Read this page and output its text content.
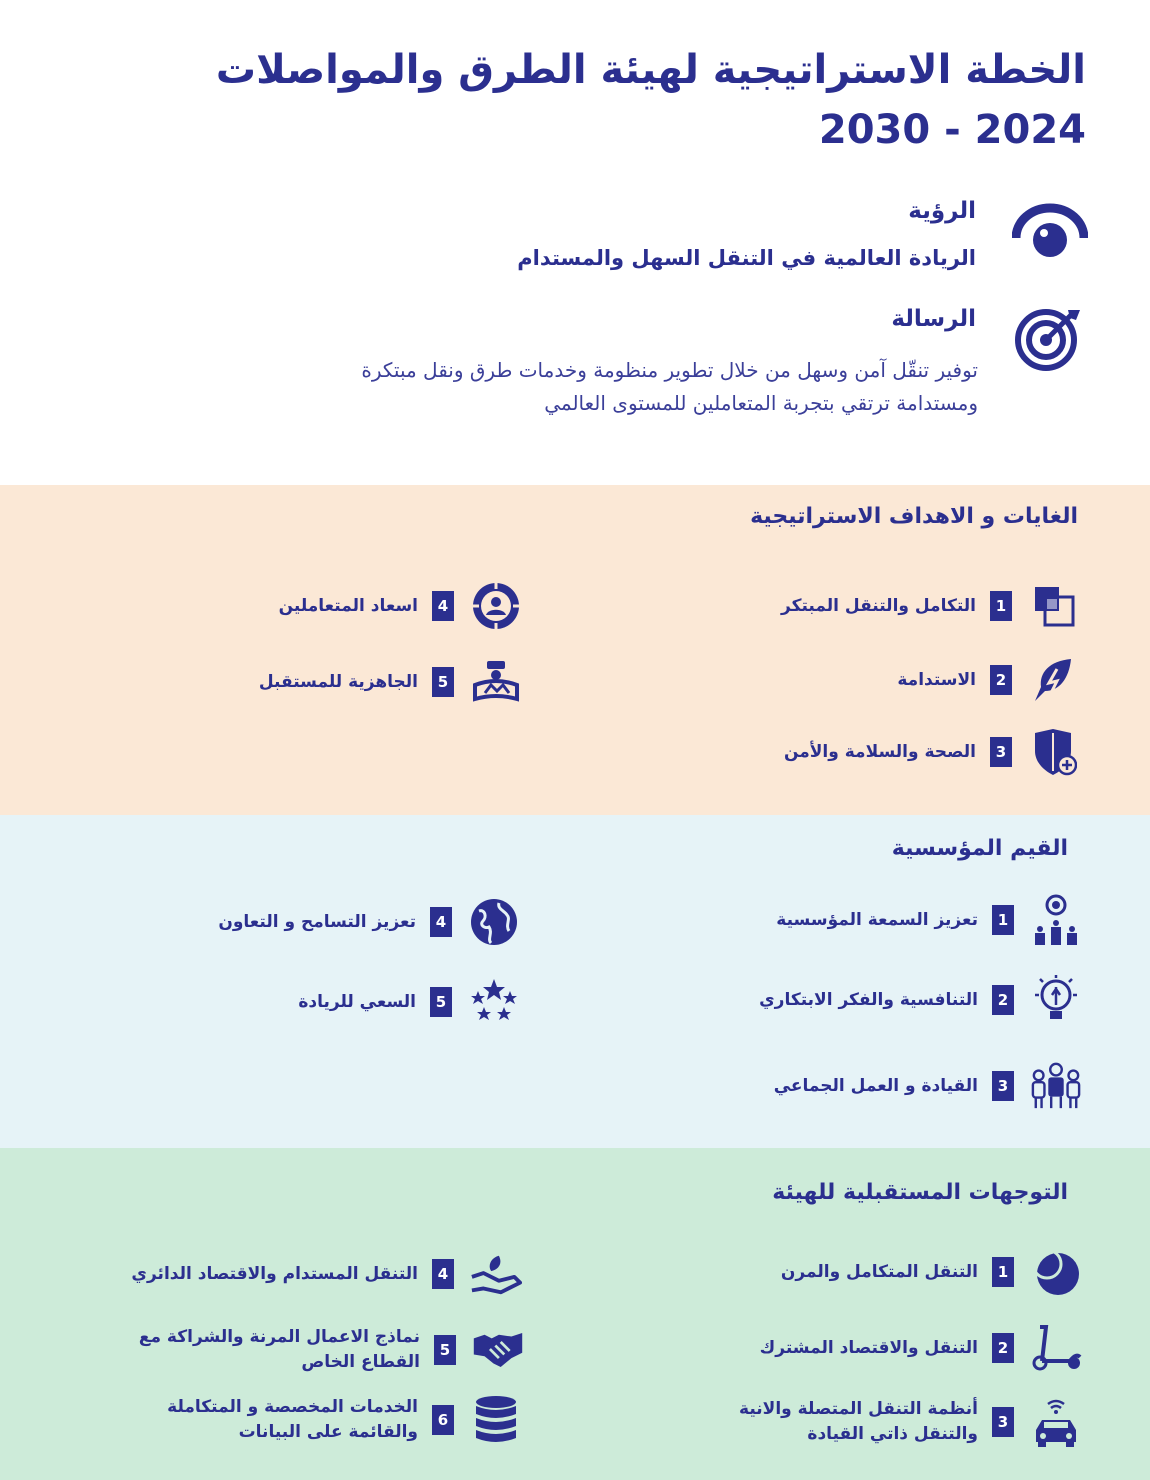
الخطة الاستراتيجية لهيئة الطرق والمواصلات
2024 - 2030
الرؤية
الريادة العالمية في التنقل السهل والمستدام
الرسالة
توفير تنقّل آمن وسهل من خلال تطوير منظومة وخدمات طرق ونقل مبتكرة
ومستدامة ترتقي بتجربة المتعاملين للمستوى العالمي
الغايات و الاهداف الاستراتيجية
1
التكامل والتنقل المبتكر
2
الاستدامة
3
الصحة والسلامة والأمن
4
اسعاد المتعاملين
5
الجاهزية للمستقبل
القيم المؤسسية
1
تعزيز السمعة المؤسسية
2
التنافسية والفكر الابتكاري
3
القيادة و العمل الجماعي
4
تعزيز التسامح و التعاون
5
السعي للريادة
التوجهات المستقبلية للهيئة
1
التنقل المتكامل والمرن
2
التنقل والاقتصاد المشترك
3
أنظمة التنقل المتصلة والانية
والتنقل ذاتي القيادة
4
التنقل المستدام والاقتصاد الدائري
5
نماذج الاعمال المرنة والشراكة مع
القطاع الخاص
6
الخدمات المخصصة و المتكاملة
والقائمة على البيانات
